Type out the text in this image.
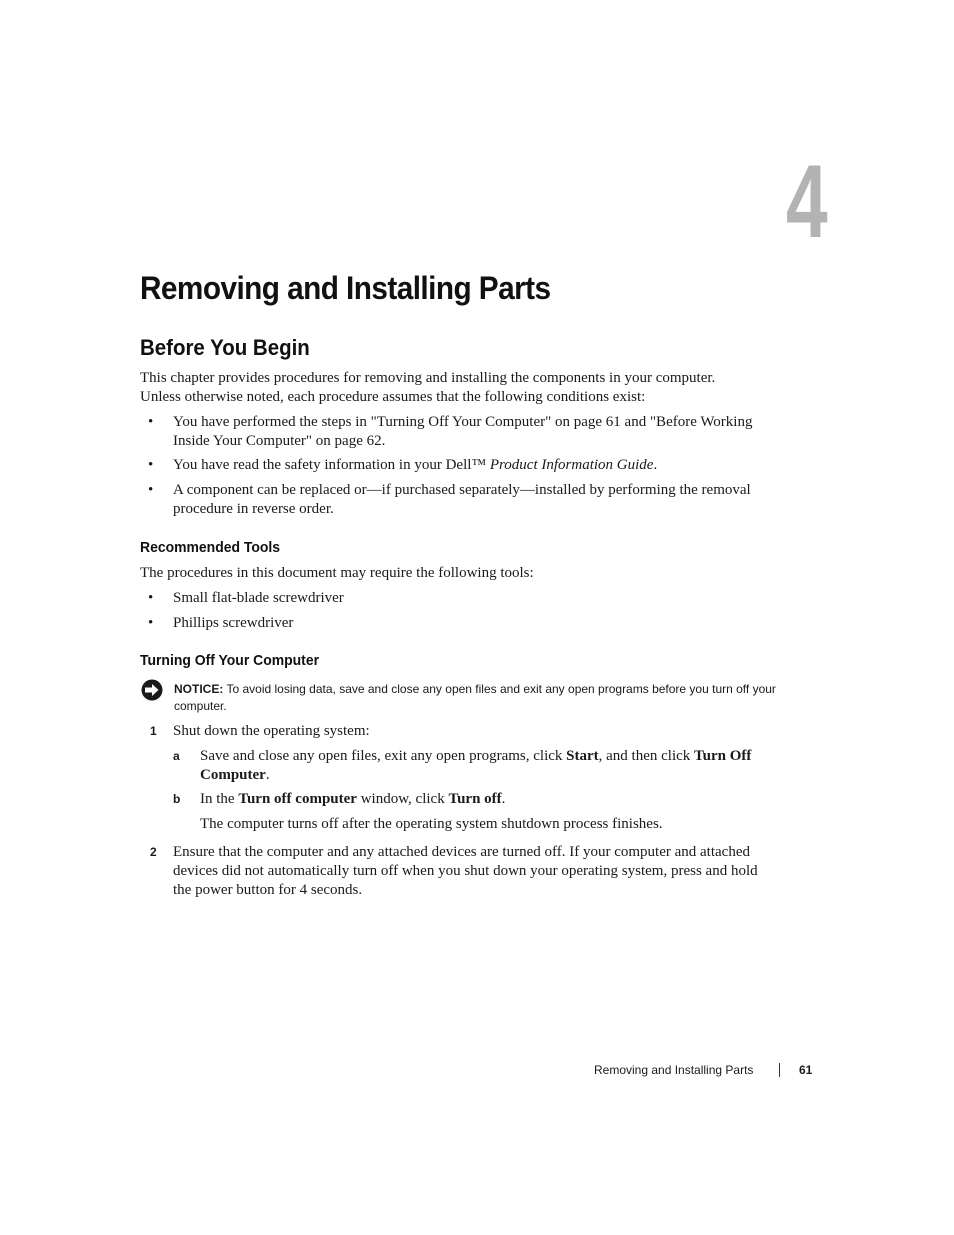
4
Removing and Installing Parts
Before You Begin
This chapter provides procedures for removing and installing the components in your computer.
Unless otherwise noted, each procedure assumes that the following conditions exist:
• You have performed the steps in "Turning Off Your Computer" on page 61 and "Before Working
Inside Your Computer" on page 62.
• You have read the safety information in your Dell™ Product Information Guide.
• A component can be replaced or—if purchased separately—installed by performing the removal
procedure in reverse order.
Recommended Tools
The procedures in this document may require the following tools:
• Small flat-blade screwdriver
• Phillips screwdriver
Turning Off Your Computer
NOTICE: To avoid losing data, save and close any open files and exit any open programs before you turn off your computer.
1 Shut down the operating system:
a Save and close any open files, exit any open programs, click Start, and then click Turn Off
Computer.
b In the Turn off computer window, click Turn off.
The computer turns off after the operating system shutdown process finishes.
2 Ensure that the computer and any attached devices are turned off. If your computer and attached
devices did not automatically turn off when you shut down your operating system, press and hold
the power button for 4 seconds.
Removing and Installing Parts	61
